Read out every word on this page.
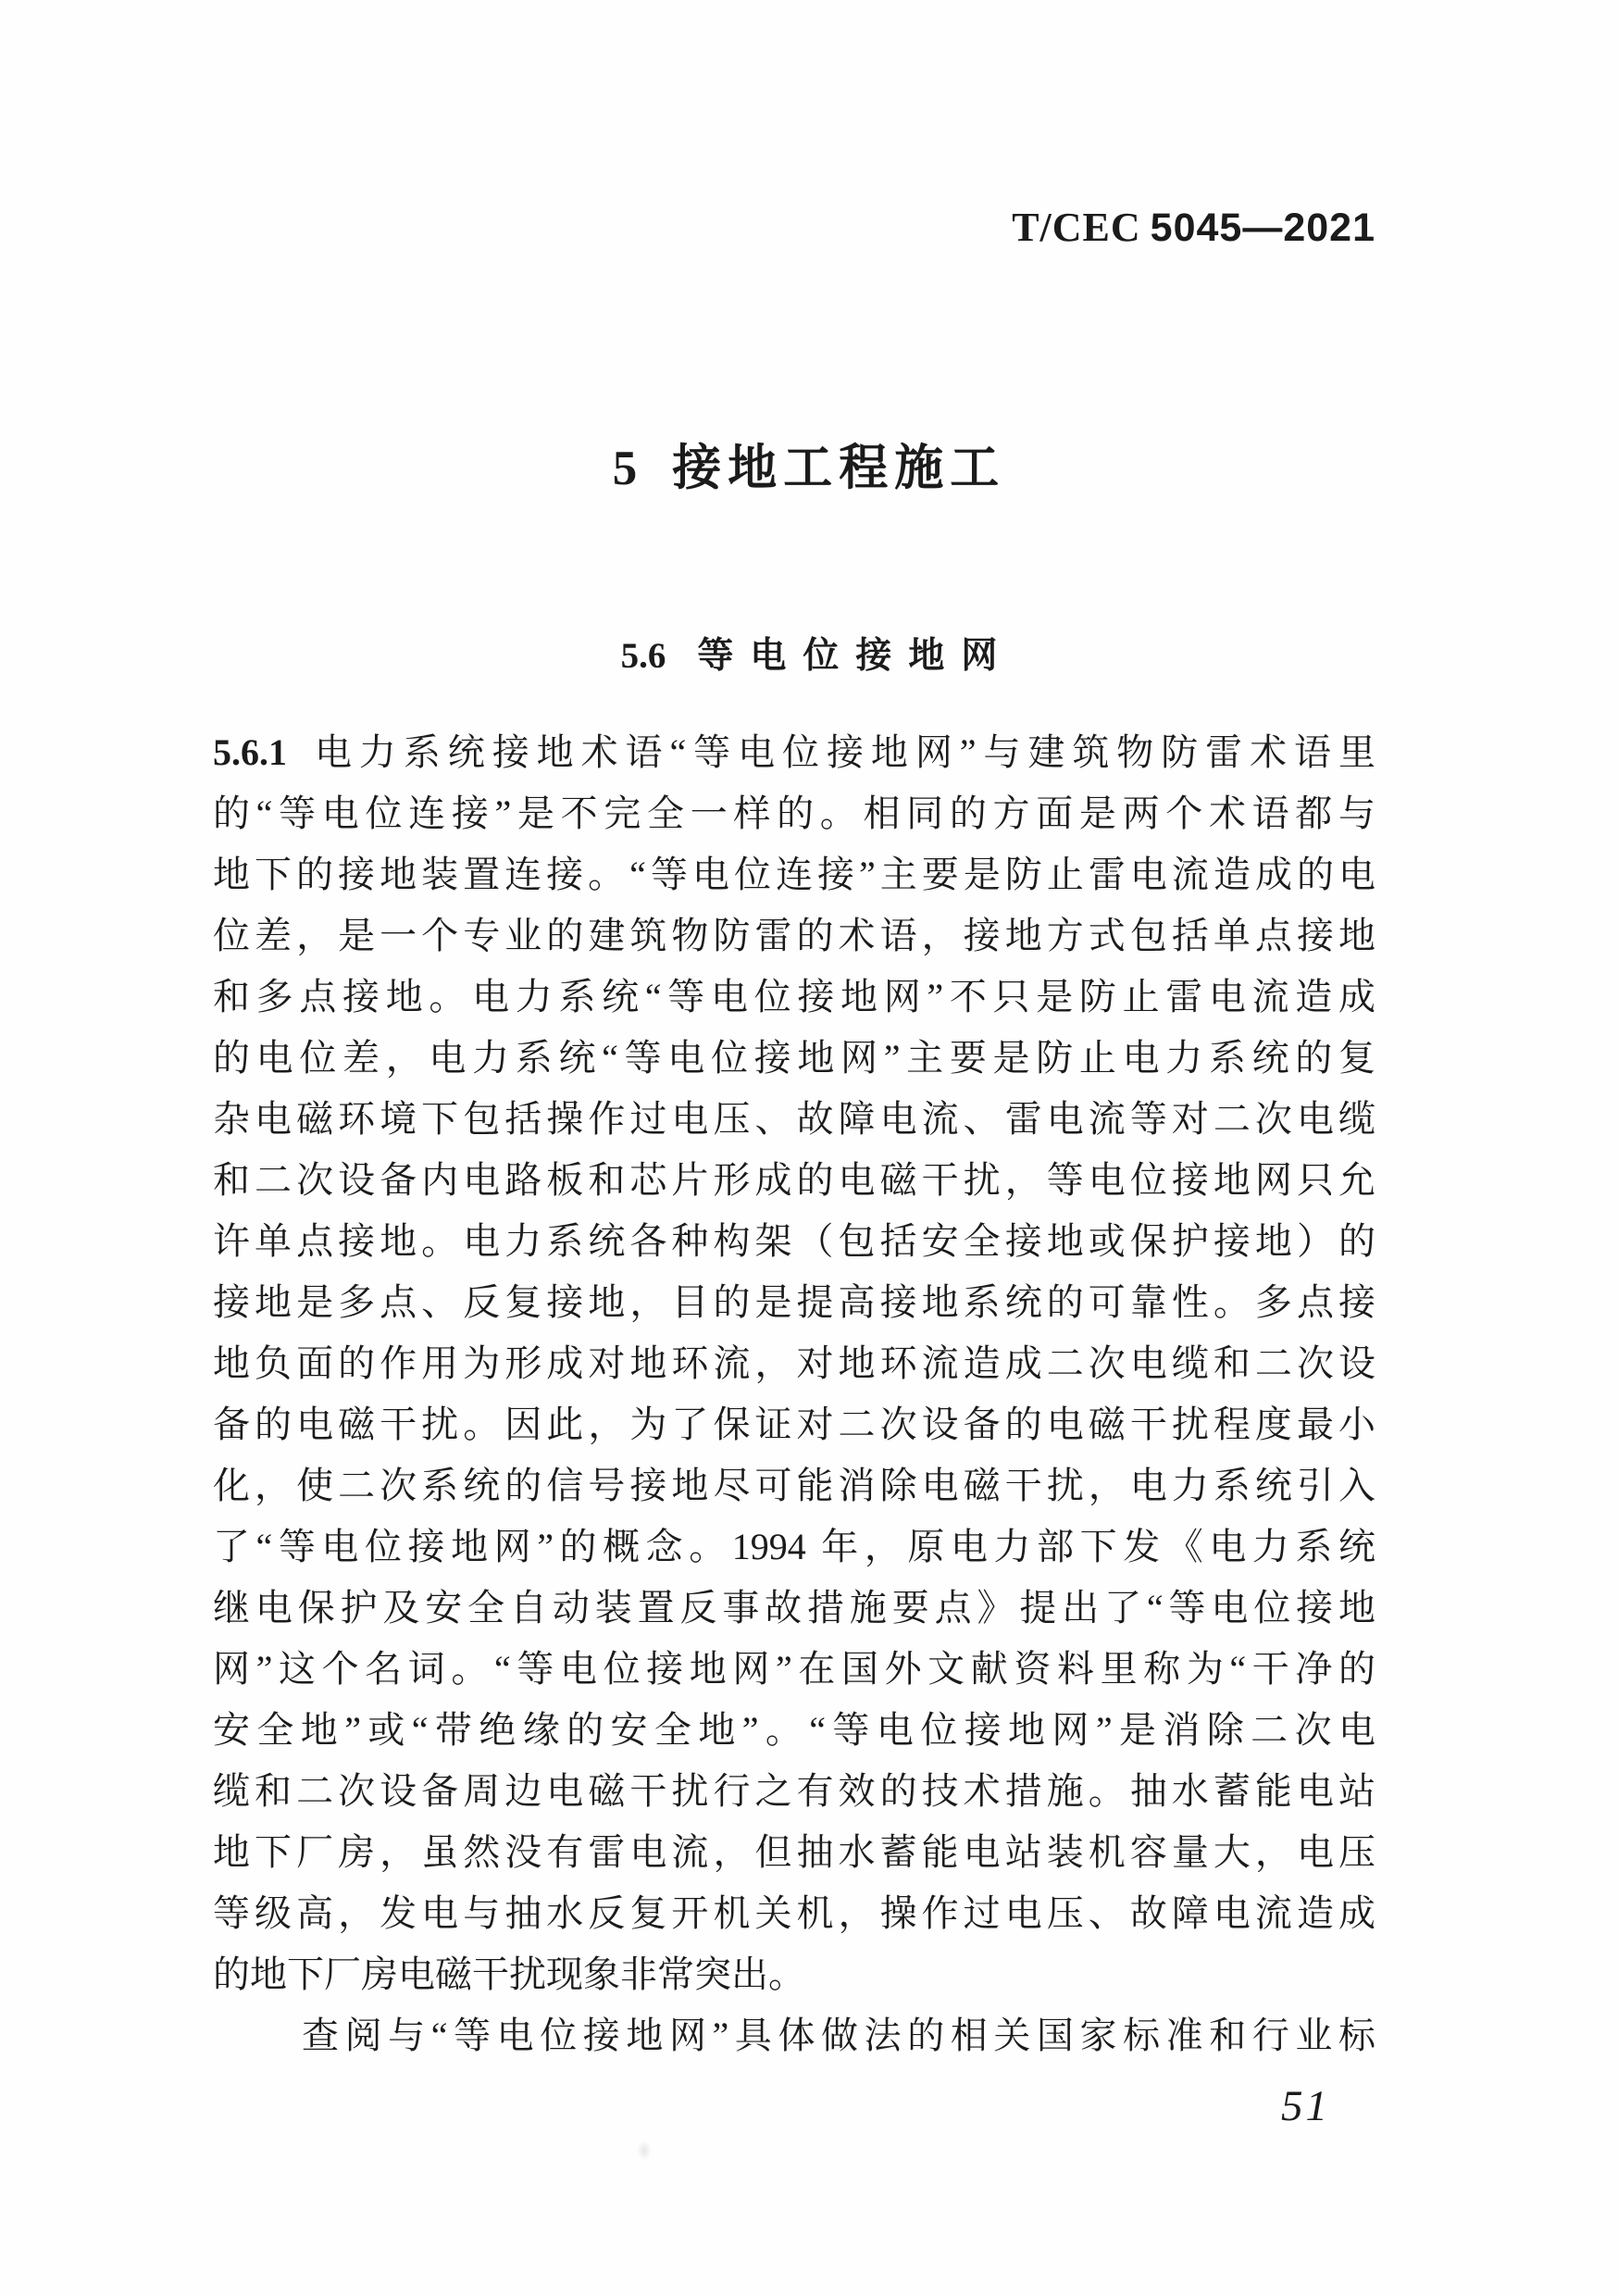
T/CEC 5045—2021
5 接地工程施工
5.6 等电位接地网
5.6.1 电力系统接地术语“等电位接地网”与建筑物防雷术语里
的“等电位连接”是不完全一样的。相同的方面是两个术语都与
地下的接地装置连接。“等电位连接”主要是防止雷电流造成的电
位差，是一个专业的建筑物防雷的术语，接地方式包括单点接地
和多点接地。电力系统“等电位接地网”不只是防止雷电流造成
的电位差，电力系统“等电位接地网”主要是防止电力系统的复
杂电磁环境下包括操作过电压、故障电流、雷电流等对二次电缆
和二次设备内电路板和芯片形成的电磁干扰，等电位接地网只允
许单点接地。电力系统各种构架（包括安全接地或保护接地）的
接地是多点、反复接地，目的是提高接地系统的可靠性。多点接
地负面的作用为形成对地环流，对地环流造成二次电缆和二次设
备的电磁干扰。因此，为了保证对二次设备的电磁干扰程度最小
化，使二次系统的信号接地尽可能消除电磁干扰，电力系统引入
了“等电位接地网”的概念。1994 年，原电力部下发《电力系统
继电保护及安全自动装置反事故措施要点》提出了“等电位接地
网”这个名词。“等电位接地网”在国外文献资料里称为“干净的
安全地”或“带绝缘的安全地”。“等电位接地网”是消除二次电
缆和二次设备周边电磁干扰行之有效的技术措施。抽水蓄能电站
地下厂房，虽然没有雷电流，但抽水蓄能电站装机容量大，电压
等级高，发电与抽水反复开机关机，操作过电压、故障电流造成
的地下厂房电磁干扰现象非常突出。
查阅与“等电位接地网”具体做法的相关国家标准和行业标
51
